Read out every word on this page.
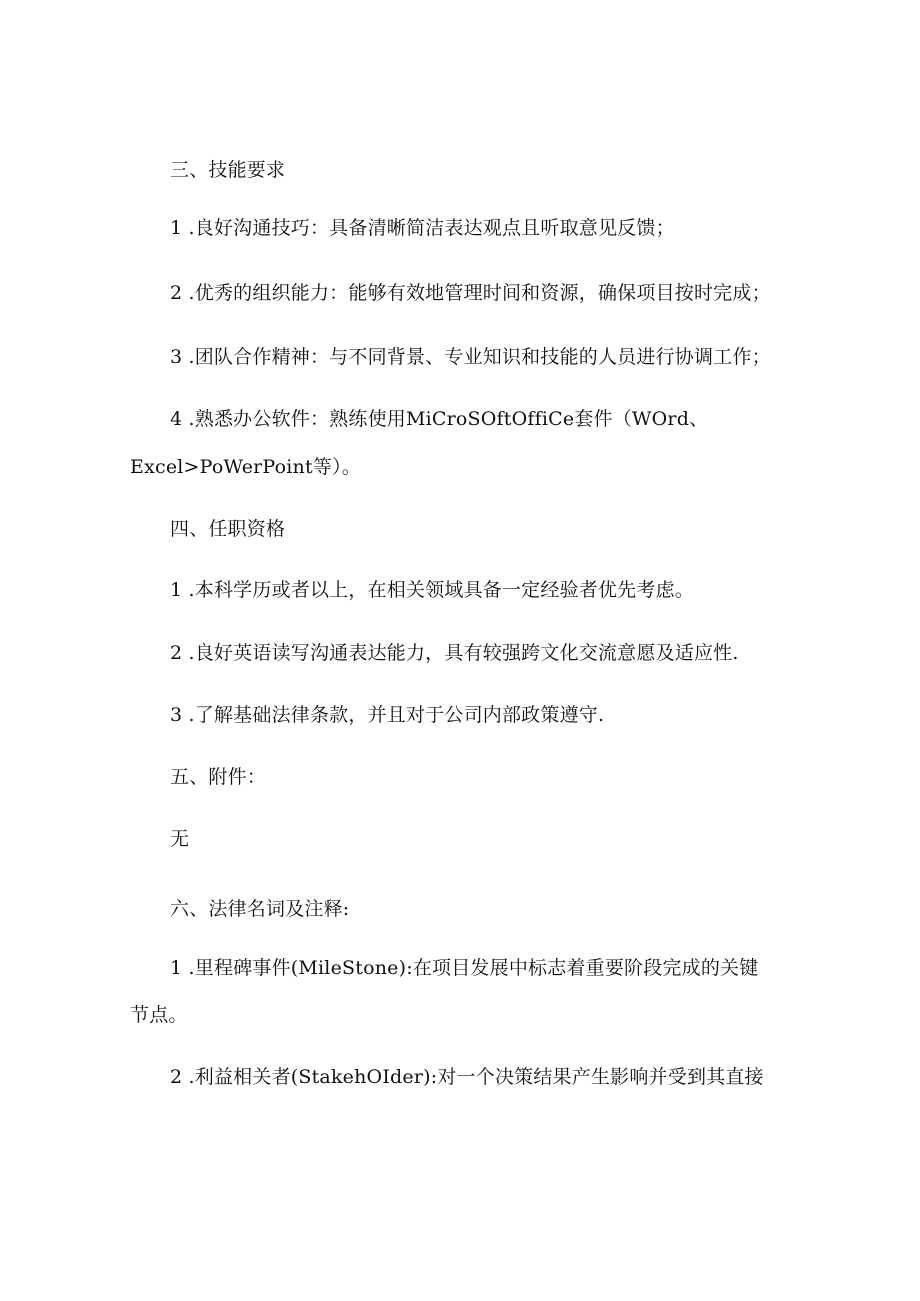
三、技能要求
1 .良好沟通技巧：具备清晰简洁表达观点且听取意见反馈；
2 .优秀的组织能力：能够有效地管理时间和资源，确保项目按时完成；
3 .团队合作精神：与不同背景、专业知识和技能的人员进行协调工作；
4 .熟悉办公软件：熟练使用MiCroSOftOffiCe套件（WOrd、
Excel>PoWerPoint等）。
四、任职资格
1 .本科学历或者以上，在相关领域具备一定经验者优先考虑。
2 .良好英语读写沟通表达能力，具有较强跨文化交流意愿及适应性.
3 .了解基础法律条款，并且对于公司内部政策遵守.
五、附件：
无
六、法律名词及注释:
1 .里程碑事件(MileStone):在项目发展中标志着重要阶段完成的关键
节点。
2 .利益相关者(StakehOIder):对一个决策结果产生影响并受到其直接
